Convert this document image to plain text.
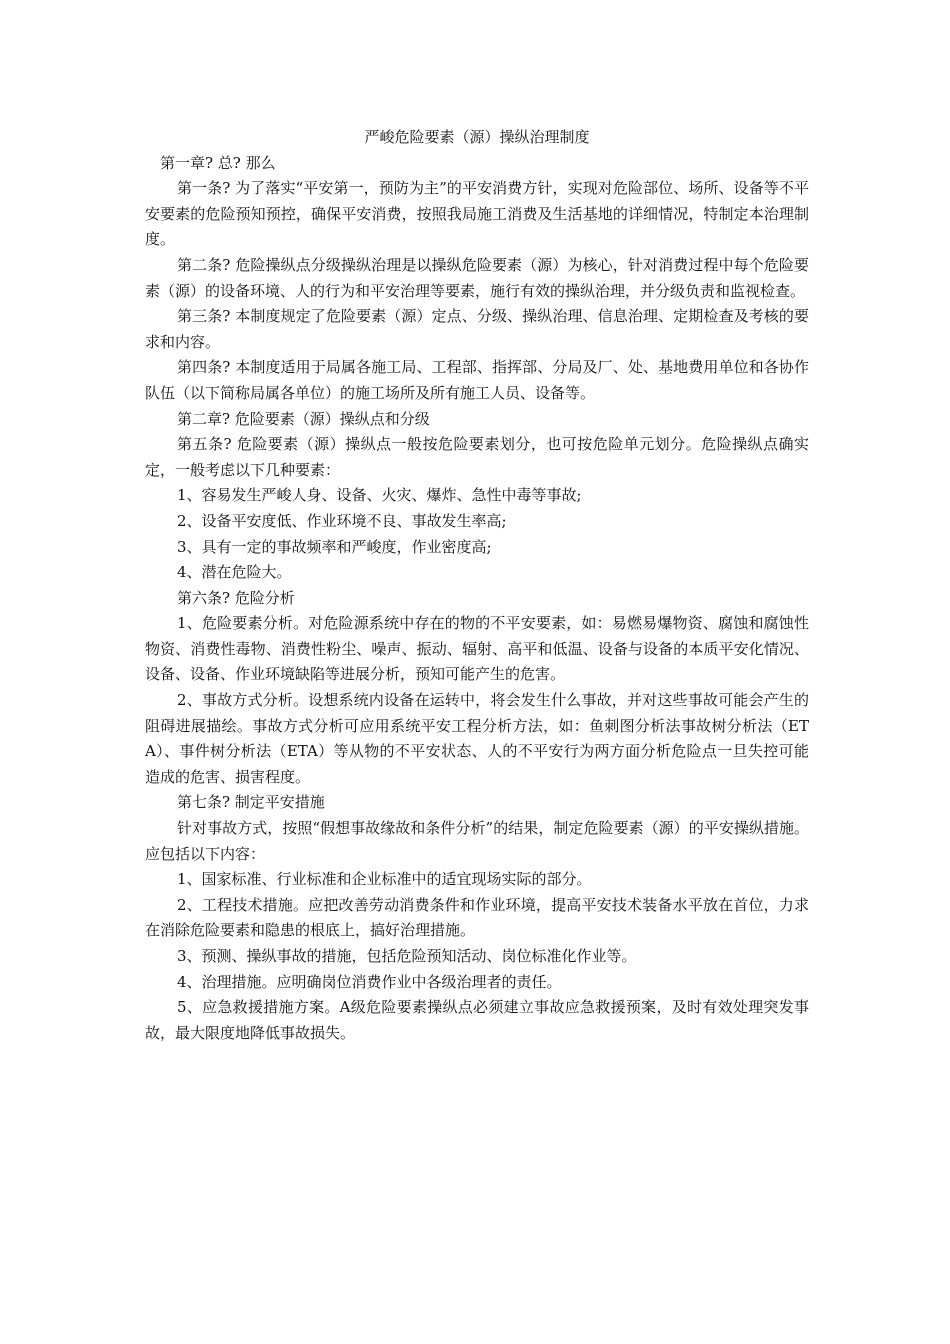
严峻危险要素（源）操纵治理制度

第一章? 总? 那么

第一条? 为了落实“平安第一，预防为主”的平安消费方针，实现对危险部位、场所、设备等不平安要素的危险预知预控，确保平安消费，按照我局施工消费及生活基地的详细情况，特制定本治理制度。

第二条? 危险操纵点分级操纵治理是以操纵危险要素（源）为核心，针对消费过程中每个危险要素（源）的设备环境、人的行为和平安治理等要素，施行有效的操纵治理，并分级负责和监视检查。

第三条? 本制度规定了危险要素（源）定点、分级、操纵治理、信息治理、定期检查及考核的要求和内容。

第四条? 本制度适用于局属各施工局、工程部、指挥部、分局及厂、处、基地费用单位和各协作队伍（以下简称局属各单位）的施工场所及所有施工人员、设备等。

第二章? 危险要素（源）操纵点和分级

第五条? 危险要素（源）操纵点一般按危险要素划分，也可按危险单元划分。危险操纵点确实定，一般考虑以下几种要素：

1、容易发生严峻人身、设备、火灾、爆炸、急性中毒等事故;

2、设备平安度低、作业环境不良、事故发生率高;

3、具有一定的事故频率和严峻度，作业密度高;

4、潜在危险大。

第六条? 危险分析

1、危险要素分析。对危险源系统中存在的物的不平安要素，如：易燃易爆物资、腐蚀和腐蚀性物资、消费性毒物、消费性粉尘、噪声、振动、辐射、高平和低温、设备与设备的本质平安化情况、设备、设备、作业环境缺陷等进展分析，预知可能产生的危害。

2、事故方式分析。设想系统内设备在运转中，将会发生什么事故，并对这些事故可能会产生的阻碍进展描绘。事故方式分析可应用系统平安工程分析方法，如：鱼刺图分析法事故树分析法（ETA）、事件树分析法（ETA）等从物的不平安状态、人的不平安行为两方面分析危险点一旦失控可能造成的危害、损害程度。

第七条? 制定平安措施

针对事故方式，按照“假想事故缘故和条件分析”的结果，制定危险要素（源）的平安操纵措施。应包括以下内容：

1、国家标准、行业标准和企业标准中的适宜现场实际的部分。

2、工程技术措施。应把改善劳动消费条件和作业环境，提高平安技术装备水平放在首位，力求在消除危险要素和隐患的根底上，搞好治理措施。

3、预测、操纵事故的措施，包括危险预知活动、岗位标准化作业等。

4、治理措施。应明确岗位消费作业中各级治理者的责任。

5、应急救援措施方案。A级危险要素操纵点必须建立事故应急救援预案，及时有效处理突发事故，最大限度地降低事故损失。
